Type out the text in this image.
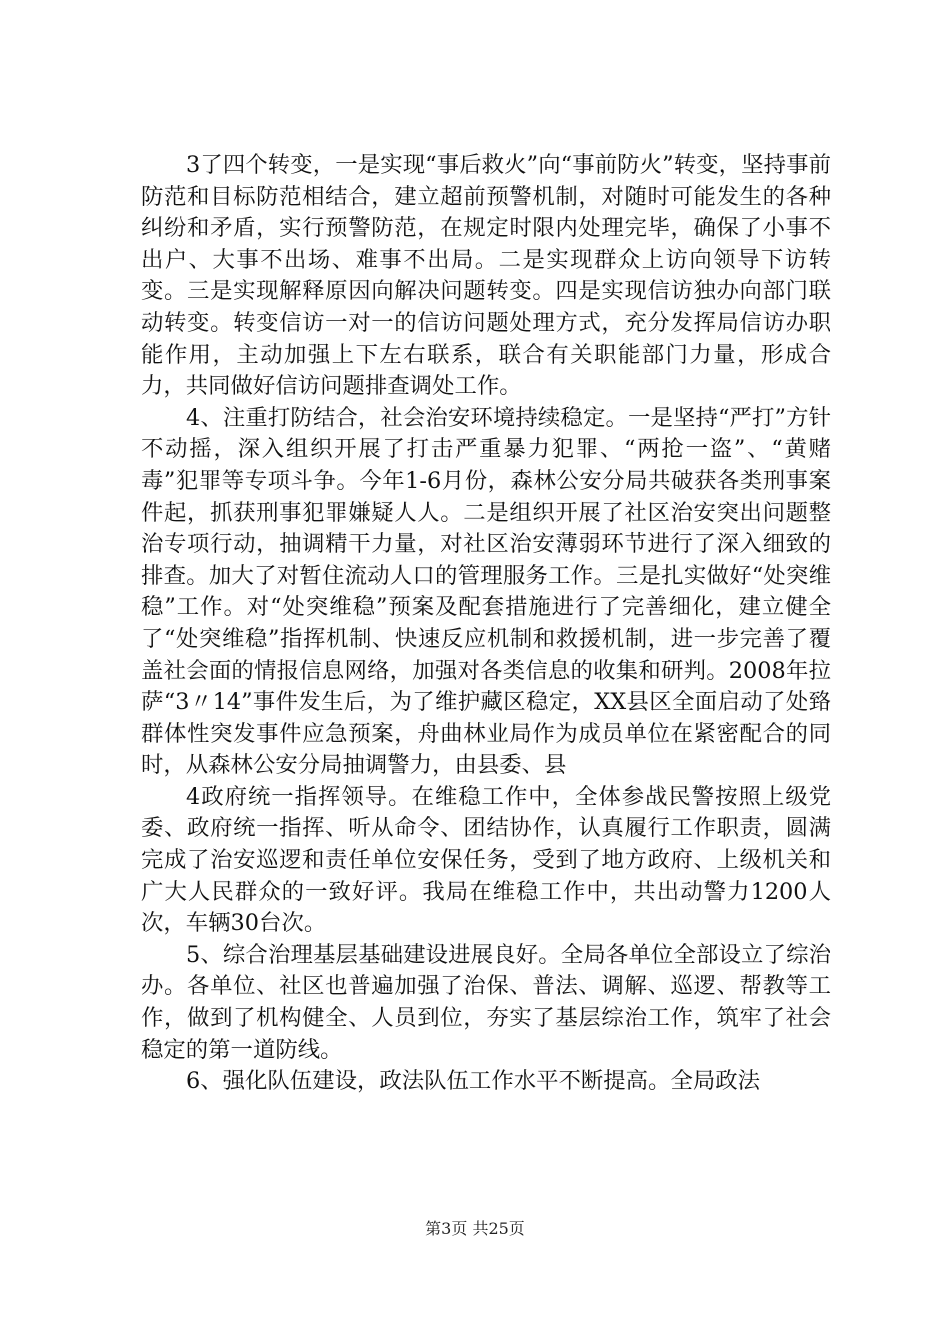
3了四个转变，一是实现“事后救火”向“事前防火”转变，坚持事前防范和目标防范相结合，建立超前预警机制，对随时可能发生的各种纠纷和矛盾，实行预警防范，在规定时限内处理完毕，确保了小事不出户、大事不出场、难事不出局。二是实现群众上访向领导下访转变。三是实现解释原因向解决问题转变。四是实现信访独办向部门联动转变。转变信访一对一的信访问题处理方式，充分发挥局信访办职能作用，主动加强上下左右联系，联合有关职能部门力量，形成合力，共同做好信访问题排查调处工作。

4、注重打防结合，社会治安环境持续稳定。一是坚持“严打”方针不动摇，深入组织开展了打击严重暴力犯罪、“两抢一盗”、“黄赌毒”犯罪等专项斗争。今年1-6月份，森林公安分局共破获各类刑事案件起，抓获刑事犯罪嫌疑人人。二是组织开展了社区治安突出问题整治专项行动，抽调精干力量，对社区治安薄弱环节进行了深入细致的排查。加大了对暂住流动人口的管理服务工作。三是扎实做好“处突维稳”工作。对“处突维稳”预案及配套措施进行了完善细化，建立健全了“处突维稳”指挥机制、快速反应机制和救援机制，进一步完善了覆盖社会面的情报信息网络，加强对各类信息的收集和研判。2008年拉萨“3〃14”事件发生后，为了维护藏区稳定，XX县区全面启动了处臵群体性突发事件应急预案，舟曲林业局作为成员单位在紧密配合的同时，从森林公安分局抽调警力，由县委、县

4政府统一指挥领导。在维稳工作中，全体参战民警按照上级党委、政府统一指挥、听从命令、团结协作，认真履行工作职责，圆满完成了治安巡逻和责任单位安保任务，受到了地方政府、上级机关和广大人民群众的一致好评。我局在维稳工作中，共出动警力1200人次，车辆30台次。

5、综合治理基层基础建设进展良好。全局各单位全部设立了综治办。各单位、社区也普遍加强了治保、普法、调解、巡逻、帮教等工作，做到了机构健全、人员到位，夯实了基层综治工作，筑牢了社会稳定的第一道防线。

6、强化队伍建设，政法队伍工作水平不断提高。全局政法

第3页 共25页
